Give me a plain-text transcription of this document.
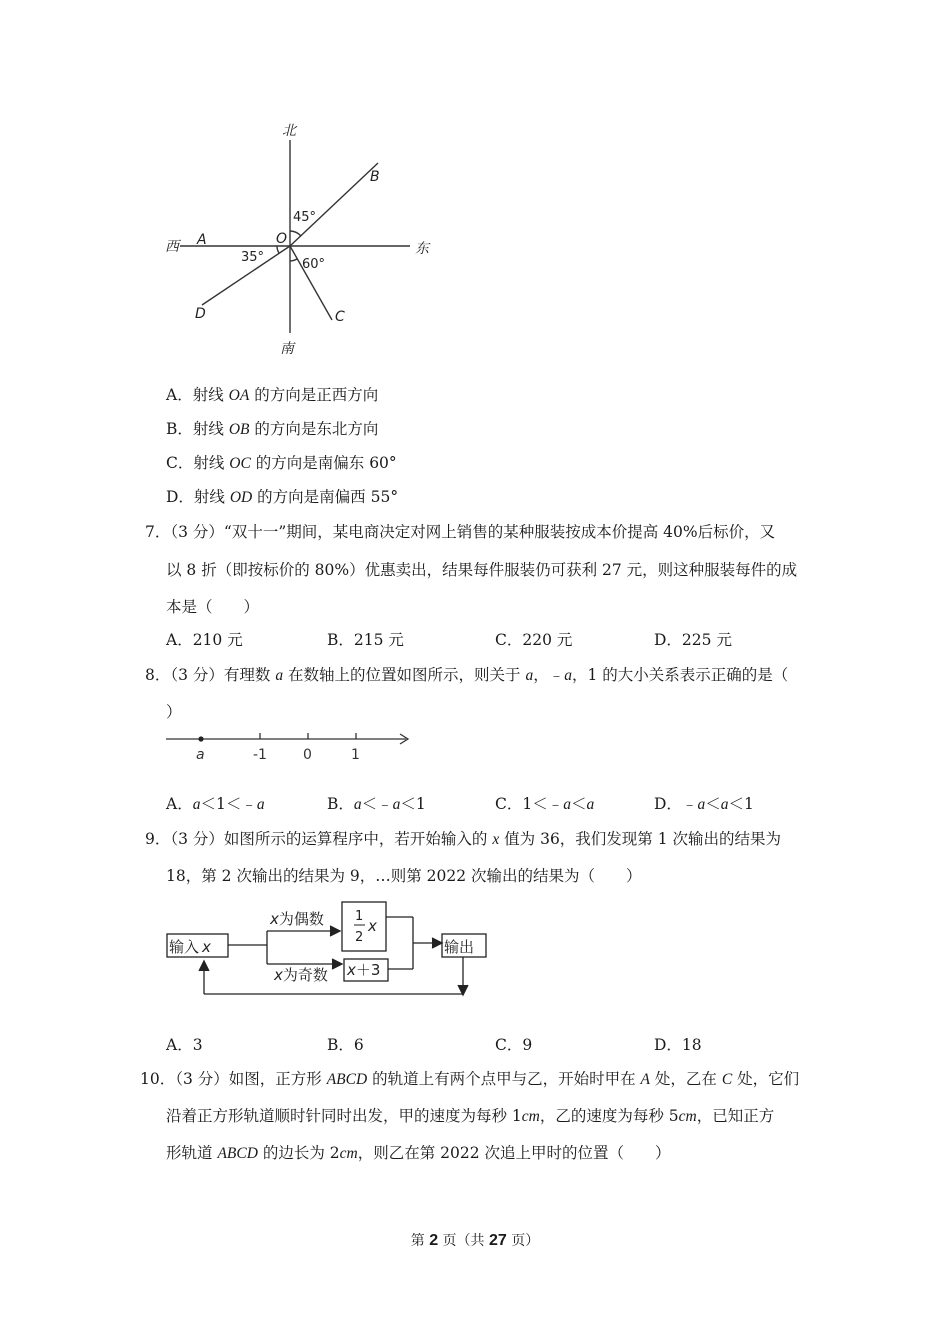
北
南
西	东
A
B
C
D
O
45°
35°	60°
A．射线 OA 的方向是正西方向
B．射线 OB 的方向是东北方向
C．射线 OC 的方向是南偏东 60°
D．射线 OD 的方向是南偏西 55°
7．（3 分）“双十一”期间，某电商决定对网上销售的某种服装按成本价提高 40%后标价，又
以 8 折（即按标价的 80%）优惠卖出，结果每件服装仍可获利 27 元，则这种服装每件的成
本是（　　）
A．210 元	B．215 元	C．220 元	D．225 元
8．（3 分）有理数 a 在数轴上的位置如图所示，则关于 a，﹣a，1 的大小关系表示正确的是（
）
a	-1	0	1
A．a＜1＜﹣a	B．a＜﹣a＜1	C．1＜﹣a＜a	D．﹣a＜a＜1
9．（3 分）如图所示的运算程序中，若开始输入的 x 值为 36，我们发现第 1 次输出的结果为
18，第 2 次输出的结果为 9，…则第 2022 次输出的结果为（　　）
输入 x
x为偶数
x为奇数
1
2
x
x＋3
输出
A．3	B．6	C．9	D．18
10．（3 分）如图，正方形 ABCD 的轨道上有两个点甲与乙，开始时甲在 A 处，乙在 C 处，它们
沿着正方形轨道顺时针同时出发，甲的速度为每秒 1cm，乙的速度为每秒 5cm，已知正方
形轨道 ABCD 的边长为 2cm，则乙在第 2022 次追上甲时的位置（　　）
第 2 页（共 27 页）
